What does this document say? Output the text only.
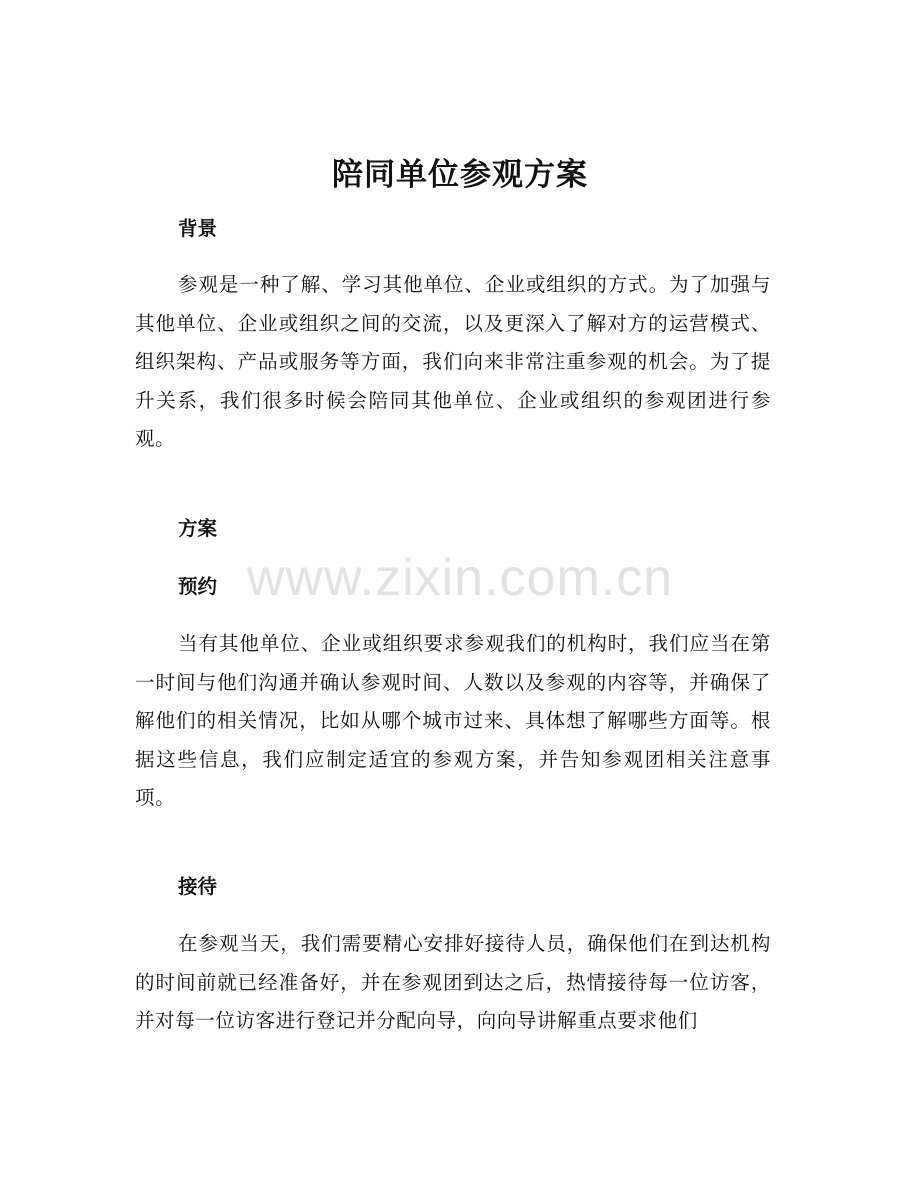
陪同单位参观方案
背景
参观是一种了解、学习其他单位、企业或组织的方式。为了加强与其他单位、企业或组织之间的交流，以及更深入了解对方的运营模式、组织架构、产品或服务等方面，我们向来非常注重参观的机会。为了提升关系，我们很多时候会陪同其他单位、企业或组织的参观团进行参观。
方案
预约
当有其他单位、企业或组织要求参观我们的机构时，我们应当在第一时间与他们沟通并确认参观时间、人数以及参观的内容等，并确保了解他们的相关情况，比如从哪个城市过来、具体想了解哪些方面等。根据这些信息，我们应制定适宜的参观方案，并告知参观团相关注意事项。
接待
在参观当天，我们需要精心安排好接待人员，确保他们在到达机构的时间前就已经准备好，并在参观团到达之后，热情接待每一位访客，并对每一位访客进行登记并分配向导，向向导讲解重点要求他们
www.zixin.com.cn
